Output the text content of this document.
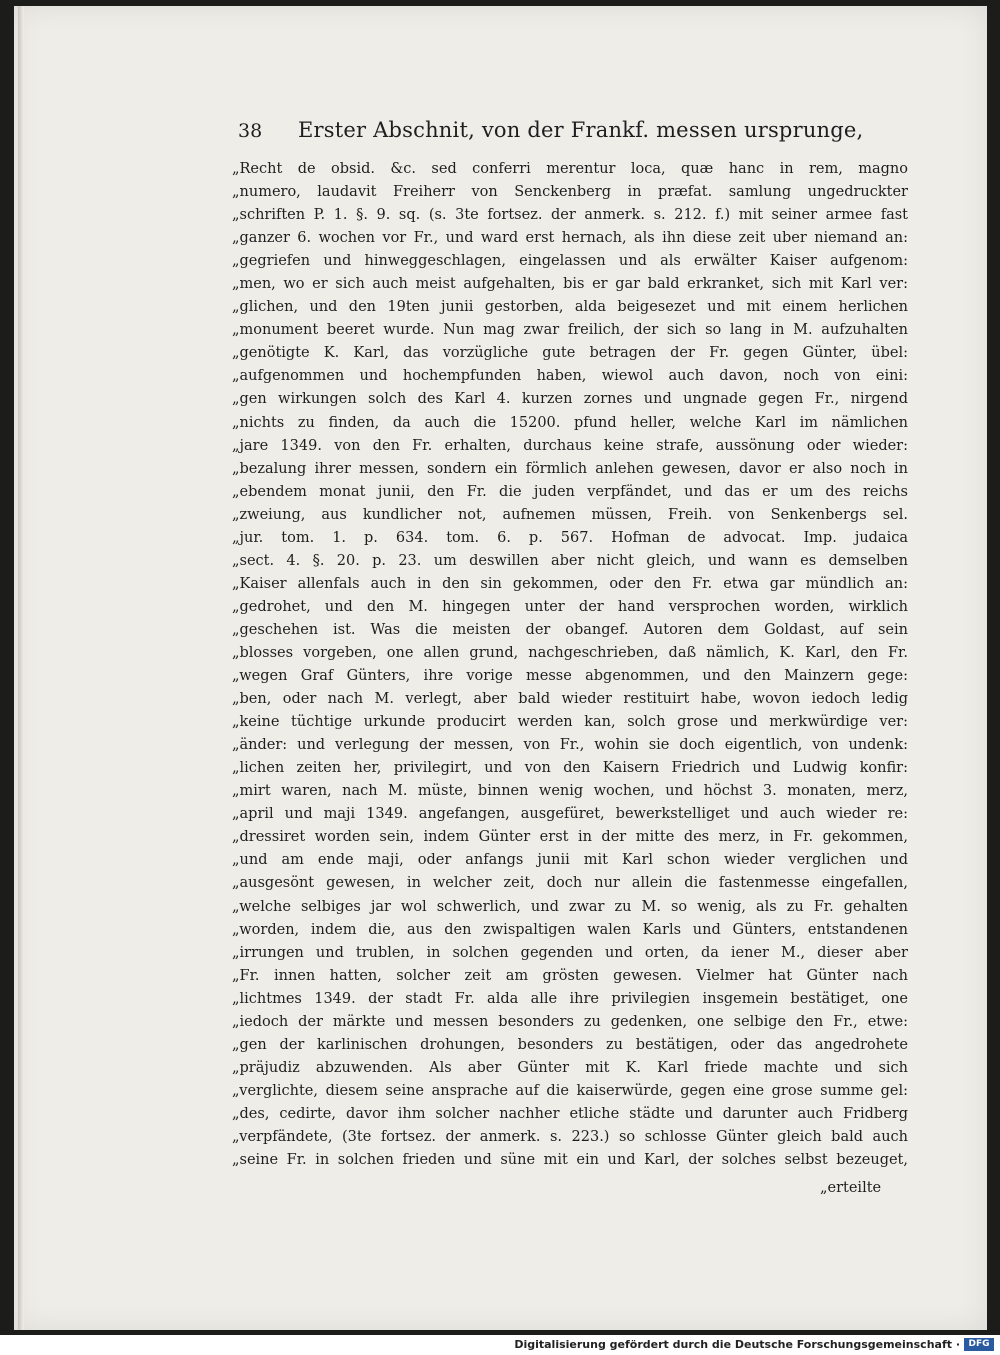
38 Erster Abschnit, von der Frankf. messen ursprunge,
„Recht de obsid. &c. sed conferri merentur loca, quæ hanc in rem, magno
„numero, laudavit Freiherr von Senckenberg in præfat. samlung ungedruckter
„schriften P. 1. §. 9. sq. (s. 3te fortsez. der anmerk. s. 212. f.) mit seiner armee fast
„ganzer 6. wochen vor Fr., und ward erst hernach, als ihn diese zeit uber niemand an:
„gegriefen und hinweggeschlagen, eingelassen und als erwälter Kaiser aufgenom:
„men, wo er sich auch meist aufgehalten, bis er gar bald erkranket, sich mit Karl ver:
„glichen, und den 19ten junii gestorben, alda beigesezet und mit einem herlichen
„monument beeret wurde. Nun mag zwar freilich, der sich so lang in M. aufzuhalten
„genötigte K. Karl, das vorzügliche gute betragen der Fr. gegen Günter, übel:
„aufgenommen und hochempfunden haben, wiewol auch davon, noch von eini:
„gen wirkungen solch des Karl 4. kurzen zornes und ungnade gegen Fr., nirgend
„nichts zu finden, da auch die 15200. pfund heller, welche Karl im nämlichen
„jare 1349. von den Fr. erhalten, durchaus keine strafe, aussönung oder wieder:
„bezalung ihrer messen, sondern ein förmlich anlehen gewesen, davor er also noch in
„ebendem monat junii, den Fr. die juden verpfändet, und das er um des reichs
„zweiung, aus kundlicher not, aufnemen müssen, Freih. von Senkenbergs sel.
„jur. tom. 1. p. 634. tom. 6. p. 567. Hofman de advocat. Imp. judaica
„sect. 4. §. 20. p. 23. um deswillen aber nicht gleich, und wann es demselben
„Kaiser allenfals auch in den sin gekommen, oder den Fr. etwa gar mündlich an:
„gedrohet, und den M. hingegen unter der hand versprochen worden, wirklich
„geschehen ist. Was die meisten der obangef. Autoren dem Goldast, auf sein
„blosses vorgeben, one allen grund, nachgeschrieben, daß nämlich, K. Karl, den Fr.
„wegen Graf Günters, ihre vorige messe abgenommen, und den Mainzern gege:
„ben, oder nach M. verlegt, aber bald wieder restituirt habe, wovon iedoch ledig
„keine tüchtige urkunde producirt werden kan, solch grose und merkwürdige ver:
„änder: und verlegung der messen, von Fr., wohin sie doch eigentlich, von undenk:
„lichen zeiten her, privilegirt, und von den Kaisern Friedrich und Ludwig konfir:
„mirt waren, nach M. müste, binnen wenig wochen, und höchst 3. monaten, merz,
„april und maji 1349. angefangen, ausgefüret, bewerkstelliget und auch wieder re:
„dressiret worden sein, indem Günter erst in der mitte des merz, in Fr. gekommen,
„und am ende maji, oder anfangs junii mit Karl schon wieder verglichen und
„ausgesönt gewesen, in welcher zeit, doch nur allein die fastenmesse eingefallen,
„welche selbiges jar wol schwerlich, und zwar zu M. so wenig, als zu Fr. gehalten
„worden, indem die, aus den zwispaltigen walen Karls und Günters, entstandenen
„irrungen und trublen, in solchen gegenden und orten, da iener M., dieser aber
„Fr. innen hatten, solcher zeit am grösten gewesen. Vielmer hat Günter nach
„lichtmes 1349. der stadt Fr. alda alle ihre privilegien insgemein bestätiget, one
„iedoch der märkte und messen besonders zu gedenken, one selbige den Fr., etwe:
„gen der karlinischen drohungen, besonders zu bestätigen, oder das angedrohete
„präjudiz abzuwenden. Als aber Günter mit K. Karl friede machte und sich
„verglichte, diesem seine ansprache auf die kaiserwürde, gegen eine grose summe gel:
„des, cedirte, davor ihm solcher nachher etliche städte und darunter auch Fridberg
„verpfändete, (3te fortsez. der anmerk. s. 223.) so schlosse Günter gleich bald auch
„seine Fr. in solchen frieden und süne mit ein und Karl, der solches selbst bezeuget,
„erteilte
Digitalisierung gefördert durch die Deutsche Forschungsgemeinschaft · DFG
